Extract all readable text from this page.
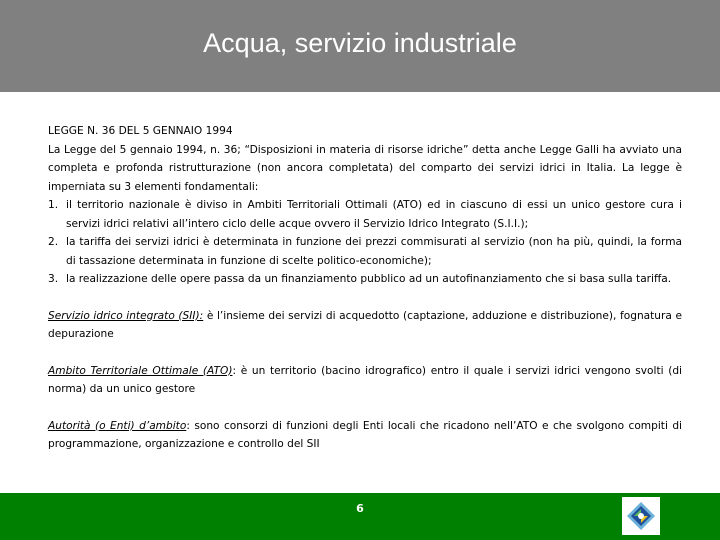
Acqua, servizio industriale

LEGGE N. 36 DEL 5 GENNAIO 1994

La Legge del 5 gennaio 1994, n. 36; “Disposizioni in materia di risorse idriche” detta anche Legge Galli ha avviato una completa e profonda ristrutturazione (non ancora completata) del comparto dei servizi idrici in Italia. La legge è imperniata su 3 elementi fondamentali:

1. il territorio nazionale è diviso in Ambiti Territoriali Ottimali (ATO) ed in ciascuno di essi un unico gestore cura i servizi idrici relativi all’intero ciclo delle acque ovvero il Servizio Idrico Integrato (S.I.I.);
2. la tariffa dei servizi idrici è determinata in funzione dei prezzi commisurati al servizio (non ha più, quindi, la forma di tassazione determinata in funzione di scelte politico-economiche);
3. la realizzazione delle opere passa da un finanziamento pubblico ad un autofinanziamento che si basa sulla tariffa.

Servizio idrico integrato (SII): è l’insieme dei servizi di acquedotto (captazione, adduzione e distribuzione), fognatura e depurazione

Ambito Territoriale Ottimale (ATO): è un territorio (bacino idrografico) entro il quale i servizi idrici vengono svolti (di norma) da un unico gestore

Autorità (o Enti) d’ambito: sono consorzi di funzioni degli Enti locali che ricadono nell’ATO e che svolgono compiti di programmazione, organizzazione e controllo del SII

6
